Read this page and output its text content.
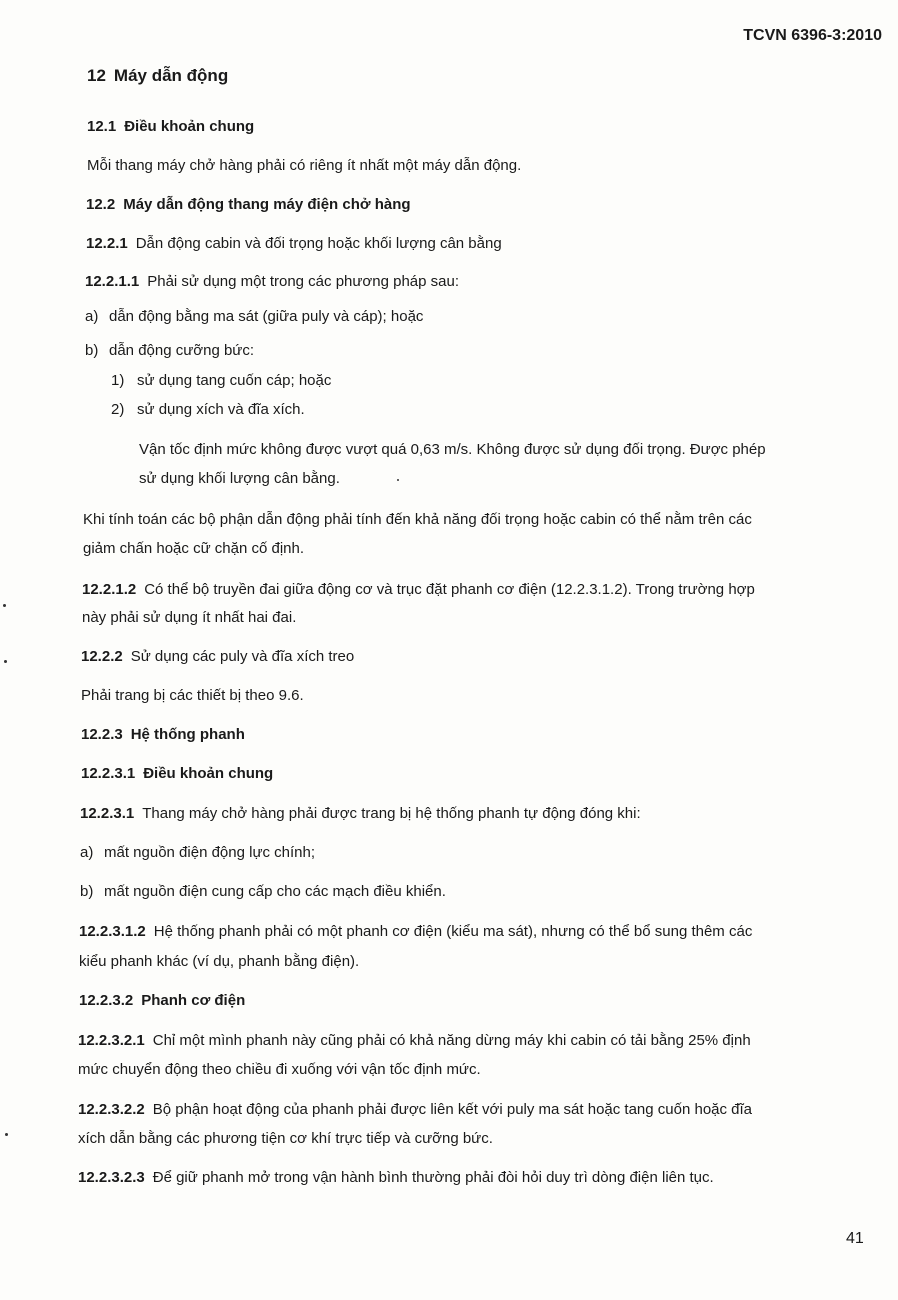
TCVN 6396-3:2010
12 Máy dẫn động
12.1 Điều khoản chung
Mỗi thang máy chở hàng phải có riêng ít nhất một máy dẫn động.
12.2 Máy dẫn động thang máy điện chở hàng
12.2.1 Dẫn động cabin và đối trọng hoặc khối lượng cân bằng
12.2.1.1 Phải sử dụng một trong các phương pháp sau:
a) dẫn động bằng ma sát (giữa puly và cáp); hoặc
b) dẫn động cưỡng bức:
1) sử dụng tang cuốn cáp; hoặc
2) sử dụng xích và đĩa xích.
Vận tốc định mức không được vượt quá 0,63 m/s. Không được sử dụng đối trọng. Được phép
sử dụng khối lượng cân bằng.
Khi tính toán các bộ phận dẫn động phải tính đến khả năng đối trọng hoặc cabin có thể nằm trên các
giảm chấn hoặc cữ chặn cố định.
12.2.1.2 Có thể bộ truyền đai giữa động cơ và trục đặt phanh cơ điện (12.2.3.1.2). Trong trường hợp
này phải sử dụng ít nhất hai đai.
12.2.2 Sử dụng các puly và đĩa xích treo
Phải trang bị các thiết bị theo 9.6.
12.2.3 Hệ thống phanh
12.2.3.1 Điều khoản chung
12.2.3.1 Thang máy chở hàng phải được trang bị hệ thống phanh tự động đóng khi:
a) mất nguồn điện động lực chính;
b) mất nguồn điện cung cấp cho các mạch điều khiển.
12.2.3.1.2 Hệ thống phanh phải có một phanh cơ điện (kiểu ma sát), nhưng có thể bổ sung thêm các
kiểu phanh khác (ví dụ, phanh bằng điện).
12.2.3.2 Phanh cơ điện
12.2.3.2.1 Chỉ một mình phanh này cũng phải có khả năng dừng máy khi cabin có tải bằng 25% định
mức chuyển động theo chiều đi xuống với vận tốc định mức.
12.2.3.2.2 Bộ phận hoạt động của phanh phải được liên kết với puly ma sát hoặc tang cuốn hoặc đĩa
xích dẫn bằng các phương tiện cơ khí trực tiếp và cưỡng bức.
12.2.3.2.3 Để giữ phanh mở trong vận hành bình thường phải đòi hỏi duy trì dòng điện liên tục.
41
